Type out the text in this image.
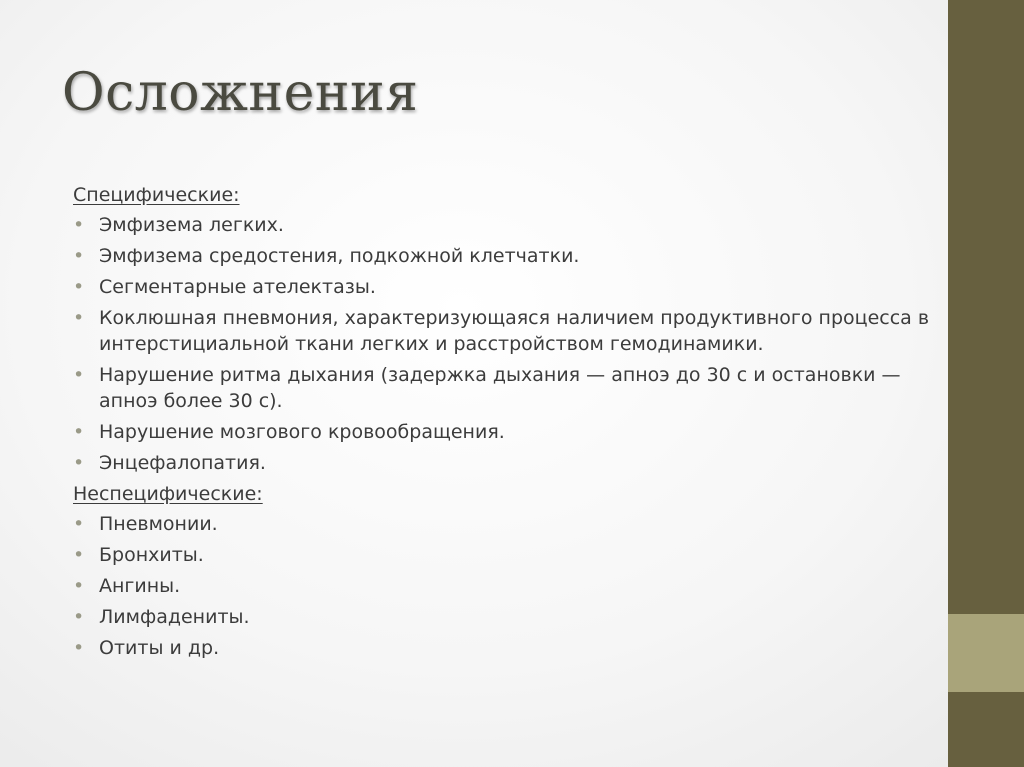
Осложнения
Специфические:
• Эмфизема легких.
• Эмфизема средостения, подкожной клетчатки.
• Сегментарные ателектазы.
• Коклюшная пневмония, характеризующаяся наличием продуктивного процесса в интерстициальной ткани легких и расстройством гемодинамики.
• Нарушение ритма дыхания (задержка дыхания — апноэ до 30 с и остановки — апноэ более 30 с).
• Нарушение мозгового кровообращения.
• Энцефалопатия.
Неспецифические:
• Пневмонии.
• Бронхиты.
• Ангины.
• Лимфадениты.
• Отиты и др.
